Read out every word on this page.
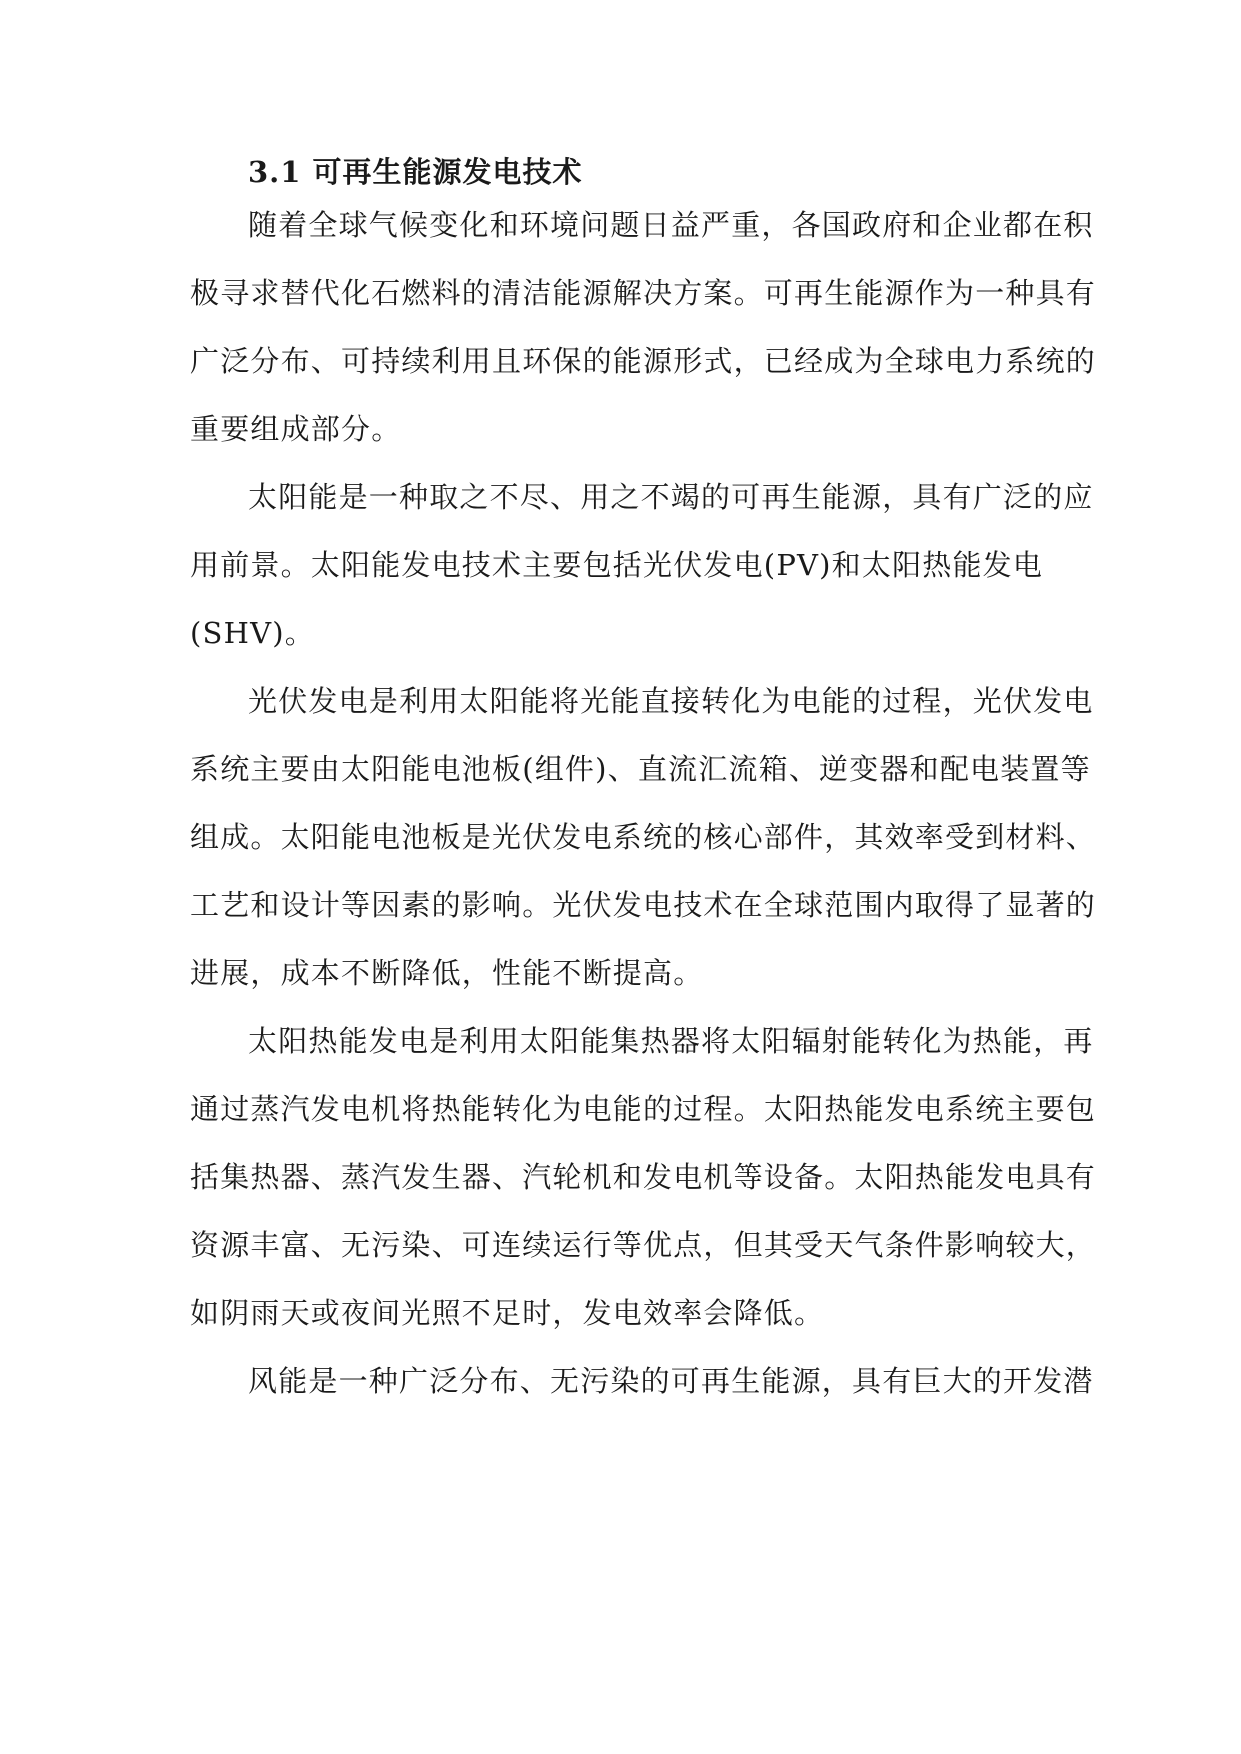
3.1 可再生能源发电技术
随着全球气候变化和环境问题日益严重，各国政府和企业都在积
极寻求替代化石燃料的清洁能源解决方案。可再生能源作为一种具有
广泛分布、可持续利用且环保的能源形式，已经成为全球电力系统的
重要组成部分。
太阳能是一种取之不尽、用之不竭的可再生能源，具有广泛的应
用前景。太阳能发电技术主要包括光伏发电(PV)和太阳热能发电
(SHV)。
光伏发电是利用太阳能将光能直接转化为电能的过程，光伏发电
系统主要由太阳能电池板(组件)、直流汇流箱、逆变器和配电装置等
组成。太阳能电池板是光伏发电系统的核心部件，其效率受到材料、
工艺和设计等因素的影响。光伏发电技术在全球范围内取得了显著的
进展，成本不断降低，性能不断提高。
太阳热能发电是利用太阳能集热器将太阳辐射能转化为热能，再
通过蒸汽发电机将热能转化为电能的过程。太阳热能发电系统主要包
括集热器、蒸汽发生器、汽轮机和发电机等设备。太阳热能发电具有
资源丰富、无污染、可连续运行等优点，但其受天气条件影响较大，
如阴雨天或夜间光照不足时，发电效率会降低。
风能是一种广泛分布、无污染的可再生能源，具有巨大的开发潜
